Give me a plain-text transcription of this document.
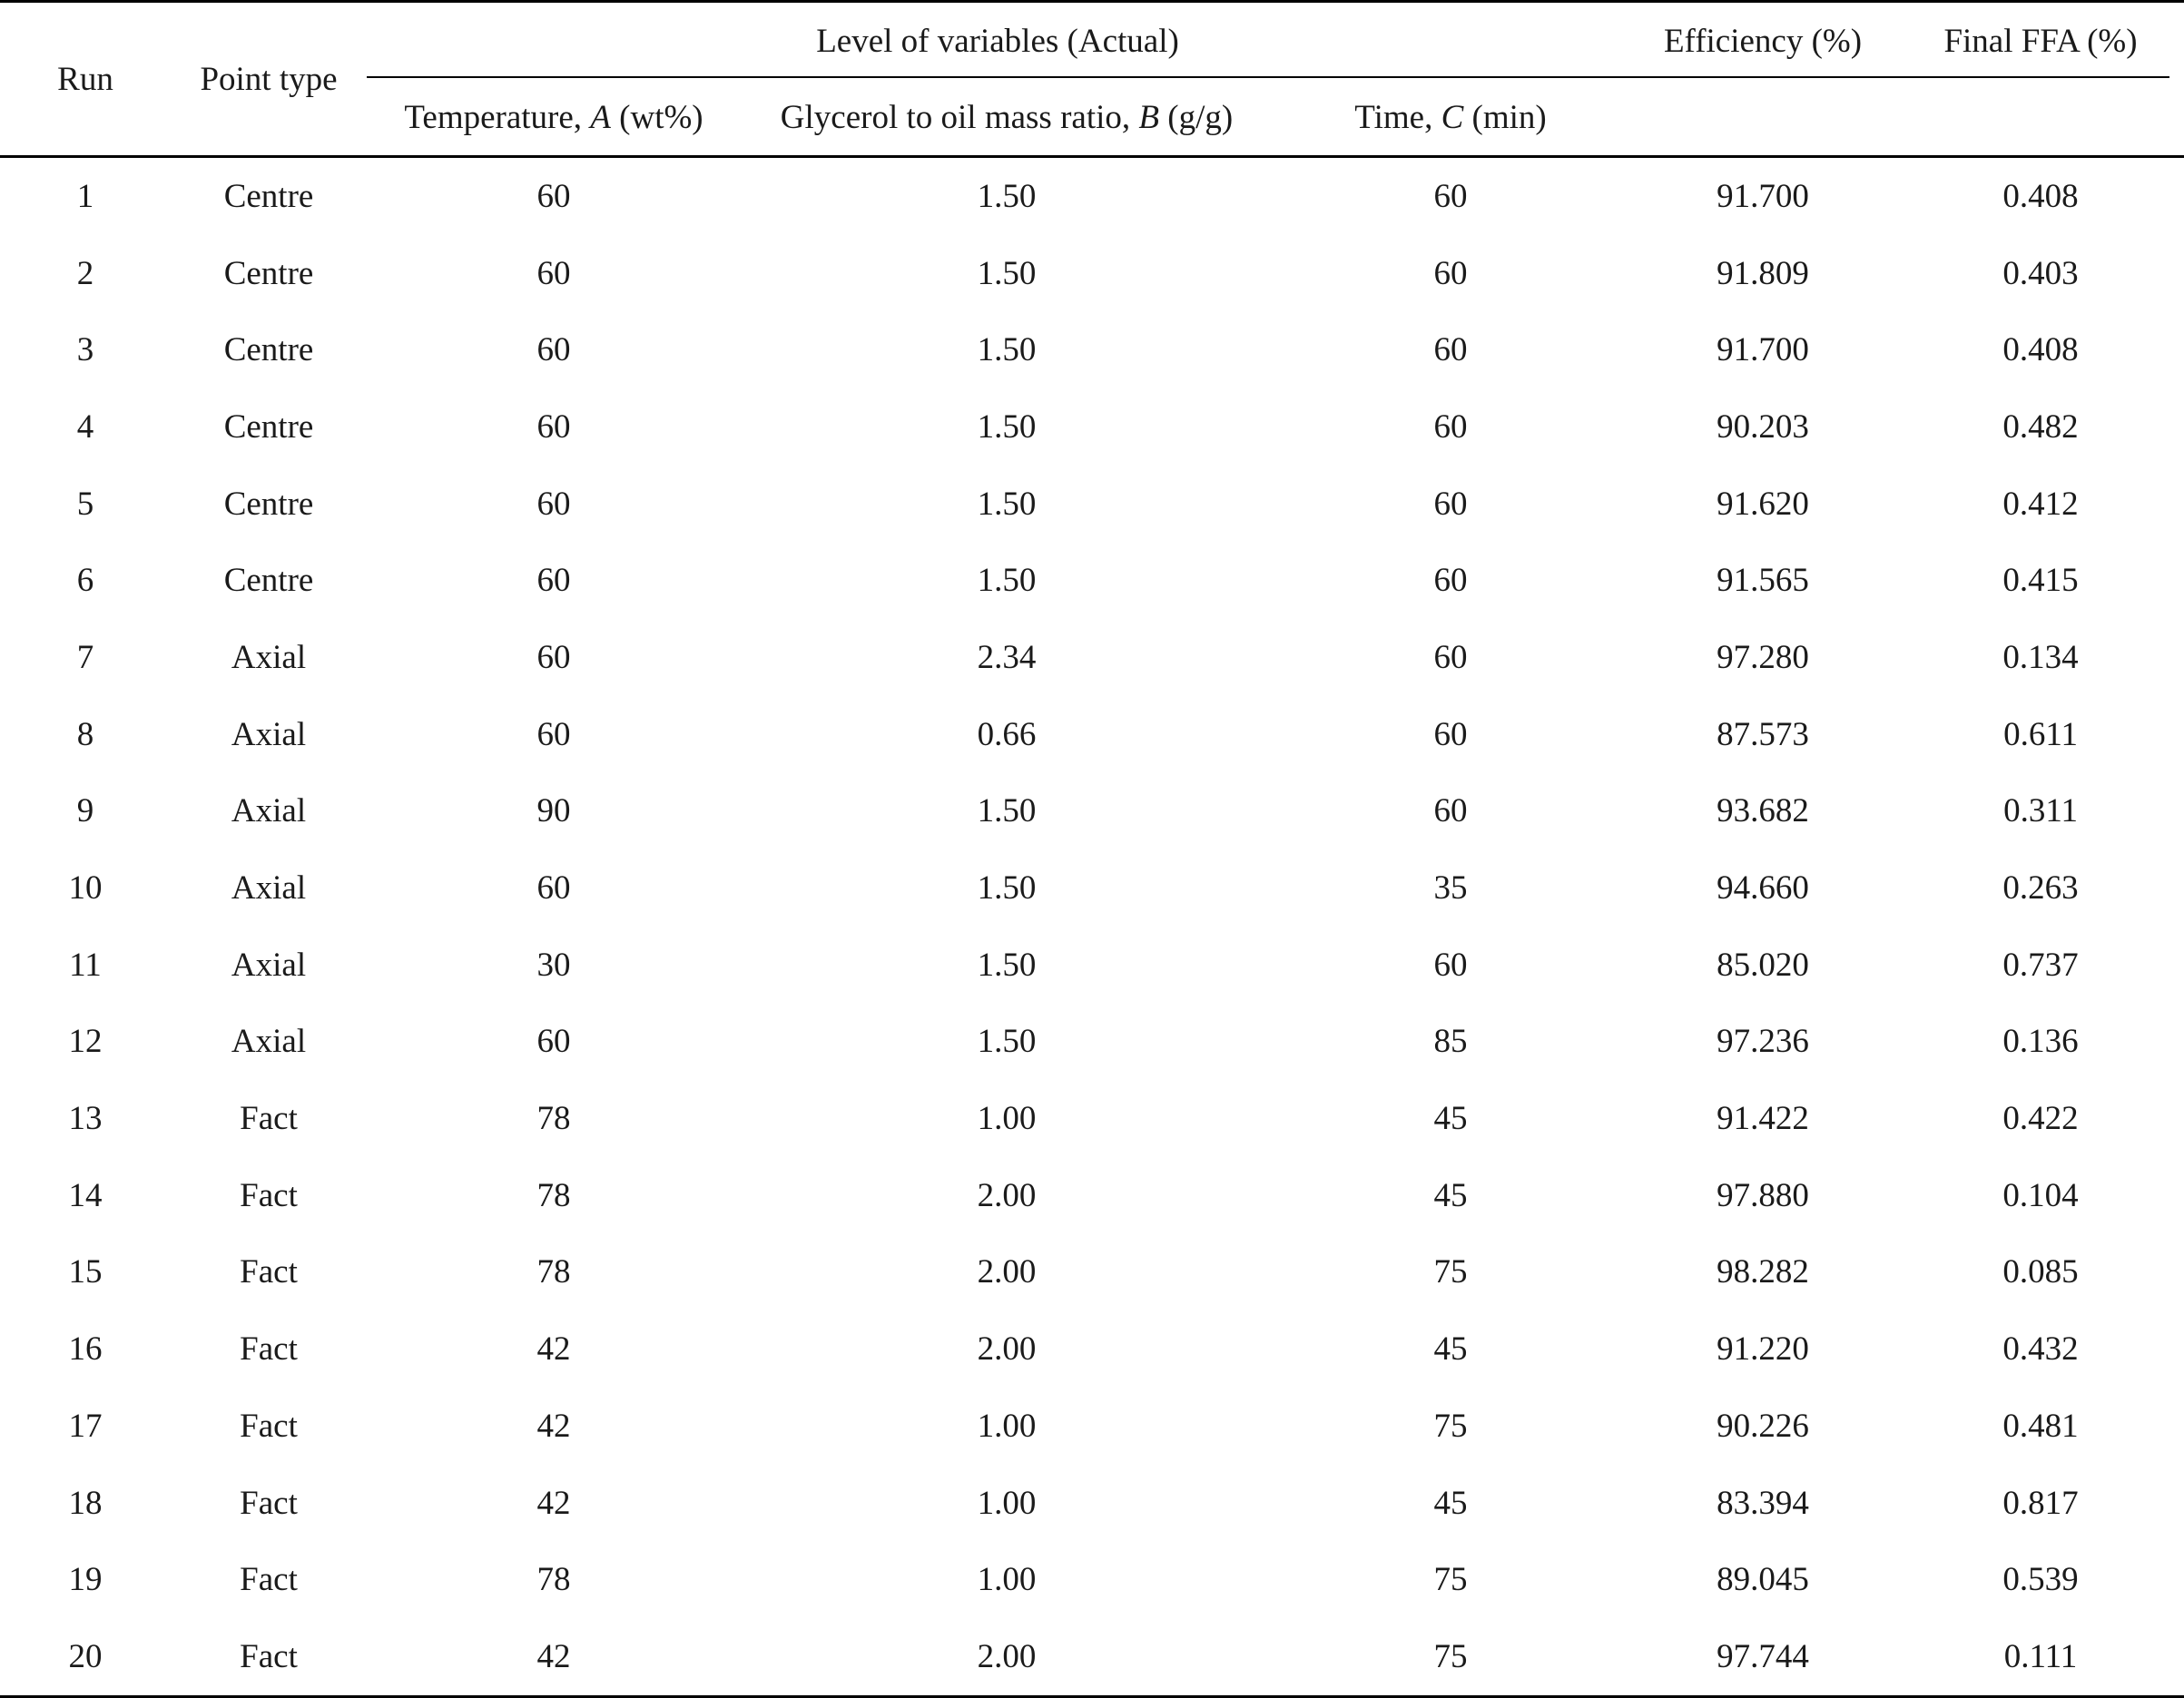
Run	Point type	Level of variables (Actual)			Efficiency (%)	Final FFA (%)
		Temperature, A (wt%)	Glycerol to oil mass ratio, B (g/g)	Time, C (min)		
1	Centre	60	1.50	60	91.700	0.408
2	Centre	60	1.50	60	91.809	0.403
3	Centre	60	1.50	60	91.700	0.408
4	Centre	60	1.50	60	90.203	0.482
5	Centre	60	1.50	60	91.620	0.412
6	Centre	60	1.50	60	91.565	0.415
7	Axial	60	2.34	60	97.280	0.134
8	Axial	60	0.66	60	87.573	0.611
9	Axial	90	1.50	60	93.682	0.311
10	Axial	60	1.50	35	94.660	0.263
11	Axial	30	1.50	60	85.020	0.737
12	Axial	60	1.50	85	97.236	0.136
13	Fact	78	1.00	45	91.422	0.422
14	Fact	78	2.00	45	97.880	0.104
15	Fact	78	2.00	75	98.282	0.085
16	Fact	42	2.00	45	91.220	0.432
17	Fact	42	1.00	75	90.226	0.481
18	Fact	42	1.00	45	83.394	0.817
19	Fact	78	1.00	75	89.045	0.539
20	Fact	42	2.00	75	97.744	0.111
